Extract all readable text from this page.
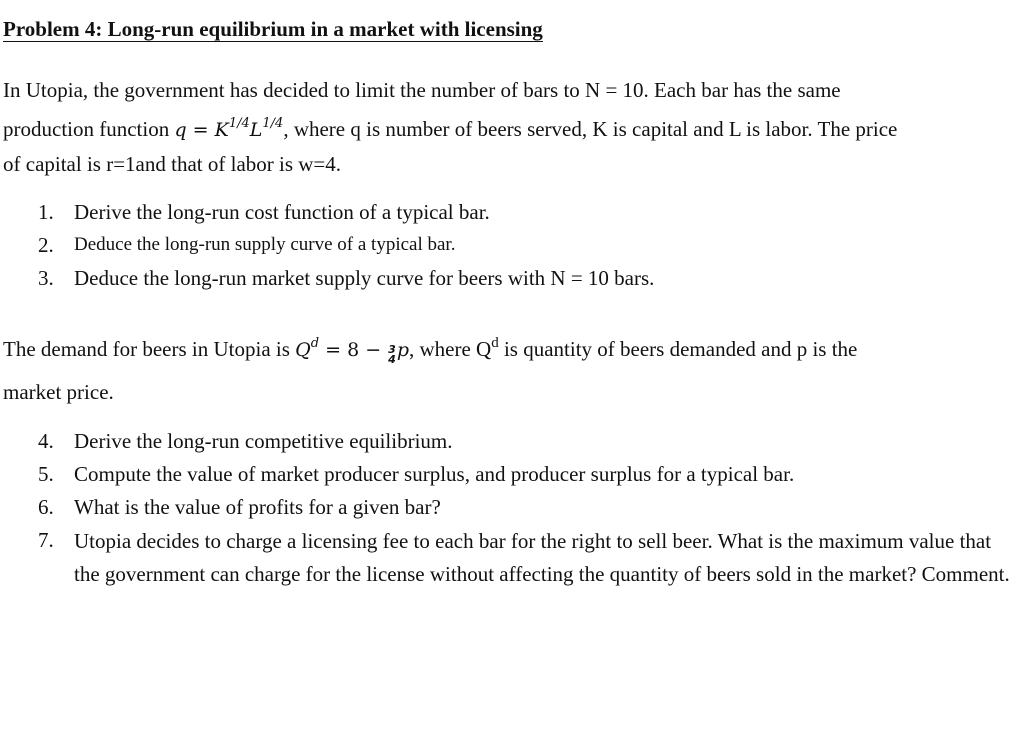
Problem 4: Long-run equilibrium in a market with licensing
In Utopia, the government has decided to limit the number of bars to N = 10. Each bar has the same
production function $q = K^{1/4}L^{1/4}$, where q is number of beers served, K is capital and L is labor. The price
of capital is r=1and that of labor is w=4.
1. Derive the long-run cost function of a typical bar.
2.	Deduce the long-run supply curve of a typical bar.
3. Deduce the long-run market supply curve for beers with N = 10 bars.
The demand for beers in Utopia is $Q^d = 8 - 3$
4 p, where $Q^d$ is quantity of beers demanded and p is the
market price.
4. Derive the long-run competitive equilibrium.
5. Compute the value of market producer surplus, and producer surplus for a typical bar.
6. What is the value of profits for a given bar?
7. Utopia decides to charge a licensing fee to each bar for the right to sell beer. What is the maximum value that the government can charge for the license without affecting the quantity of beers sold in the market? Comment.
